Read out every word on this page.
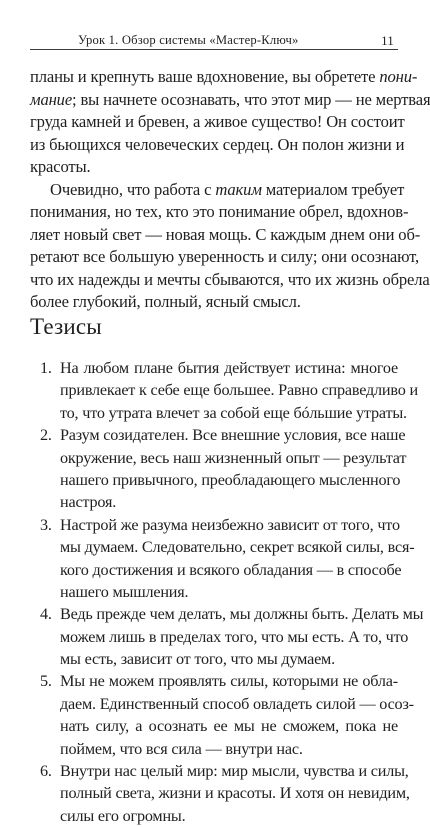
Урок 1. Обзор системы «Мастер-Ключ»	11
планы и крепнуть ваше вдохновение, вы обретете пони-
мание; вы начнете осознавать, что этот мир — не мертвая
груда камней и бревен, а живое существо! Он состоит
из бьющихся человеческих сердец. Он полон жизни и
красоты.
Очевидно, что работа с таким материалом требует
понимания, но тех, кто это понимание обрел, вдохнов-
ляет новый свет — новая мощь. С каждым днем они об-
ретают все большую уверенность и силу; они осознают,
что их надежды и мечты сбываются, что их жизнь обрела
более глубокий, полный, ясный смысл.
Тезисы
1. На любом плане бытия действует истина: многое
привлекает к себе еще большее. Равно справедливо и
то, что утрата влечет за собой еще бóльшие утраты.
2. Разум созидателен. Все внешние условия, все наше
окружение, весь наш жизненный опыт — результат
нашего привычного, преобладающего мысленного
настроя.
3. Настрой же разума неизбежно зависит от того, что
мы думаем. Следовательно, секрет всякой силы, вся-
кого достижения и всякого обладания — в способе
нашего мышления.
4. Ведь прежде чем делать, мы должны быть. Делать мы
можем лишь в пределах того, что мы есть. А то, что
мы есть, зависит от того, что мы думаем.
5. Мы не можем проявлять силы, которыми не обла-
даем. Единственный способ овладеть силой — осоз-
нать силу, а осознать ее мы не сможем, пока не
поймем, что вся сила — внутри нас.
6. Внутри нас целый мир: мир мысли, чувства и силы,
полный света, жизни и красоты. И хотя он невидим,
силы его огромны.
